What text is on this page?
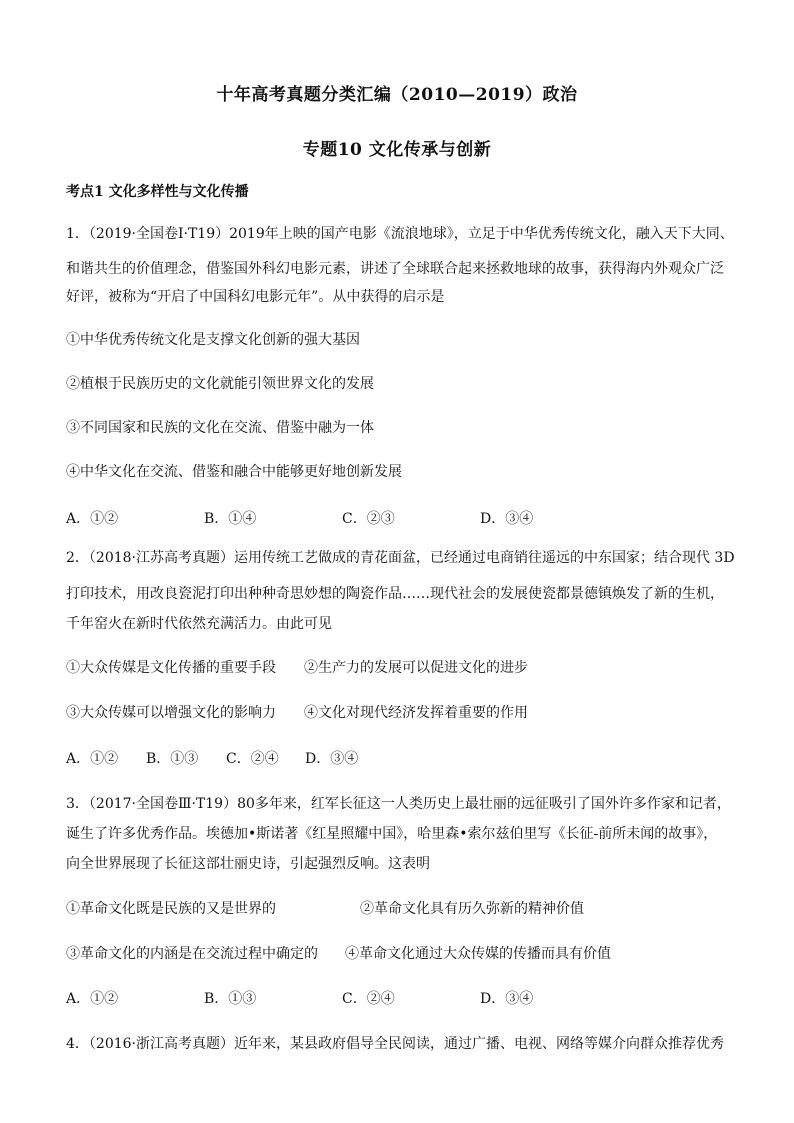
十年高考真题分类汇编（2010—2019）政治
专题10 文化传承与创新
考点1 文化多样性与文化传播
1．（2019·全国卷Ⅰ·T19）2019年上映的国产电影《流浪地球》，立足于中华优秀传统文化，融入天下大同、
和谐共生的价值理念，借鉴国外科幻电影元素，讲述了全球联合起来拯救地球的故事，获得海内外观众广泛
好评，被称为“开启了中国科幻电影元年”。从中获得的启示是
①中华优秀传统文化是支撑文化创新的强大基因
②植根于民族历史的文化就能引领世界文化的发展
③不同国家和民族的文化在交流、借鉴中融为一体
④中华文化在交流、借鉴和融合中能够更好地创新发展
A．①②	B．①④	C．②③	D．③④
2．（2018·江苏高考真题）运用传统工艺做成的青花面盆，已经通过电商销往遥远的中东国家；结合现代 3D
打印技术，用改良瓷泥打印出种种奇思妙想的陶瓷作品……现代社会的发展使瓷都景德镇焕发了新的生机，
千年窑火在新时代依然充满活力。由此可见
①大众传媒是文化传播的重要手段 ②生产力的发展可以促进文化的进步
③大众传媒可以增强文化的影响力 ④文化对现代经济发挥着重要的作用
A．①② B．①③ C．②④ D．③④
3．（2017·全国卷Ⅲ·T19）80多年来，红军长征这一人类历史上最壮丽的远征吸引了国外许多作家和记者，
诞生了许多优秀作品。埃德加•斯诺著《红星照耀中国》，哈里森•索尔兹伯里写《长征-前所未闻的故事》，
向全世界展现了长征这部壮丽史诗，引起强烈反响。这表明
①革命文化既是民族的又是世界的	②革命文化具有历久弥新的精神价值
③革命文化的内涵是在交流过程中确定的 ④革命文化通过大众传媒的传播而具有价值
A．①②	B．①③	C．②④	D．③④
4．（2016·浙江高考真题）近年来，某县政府倡导全民阅读，通过广播、电视、网络等媒介向群众推荐优秀
